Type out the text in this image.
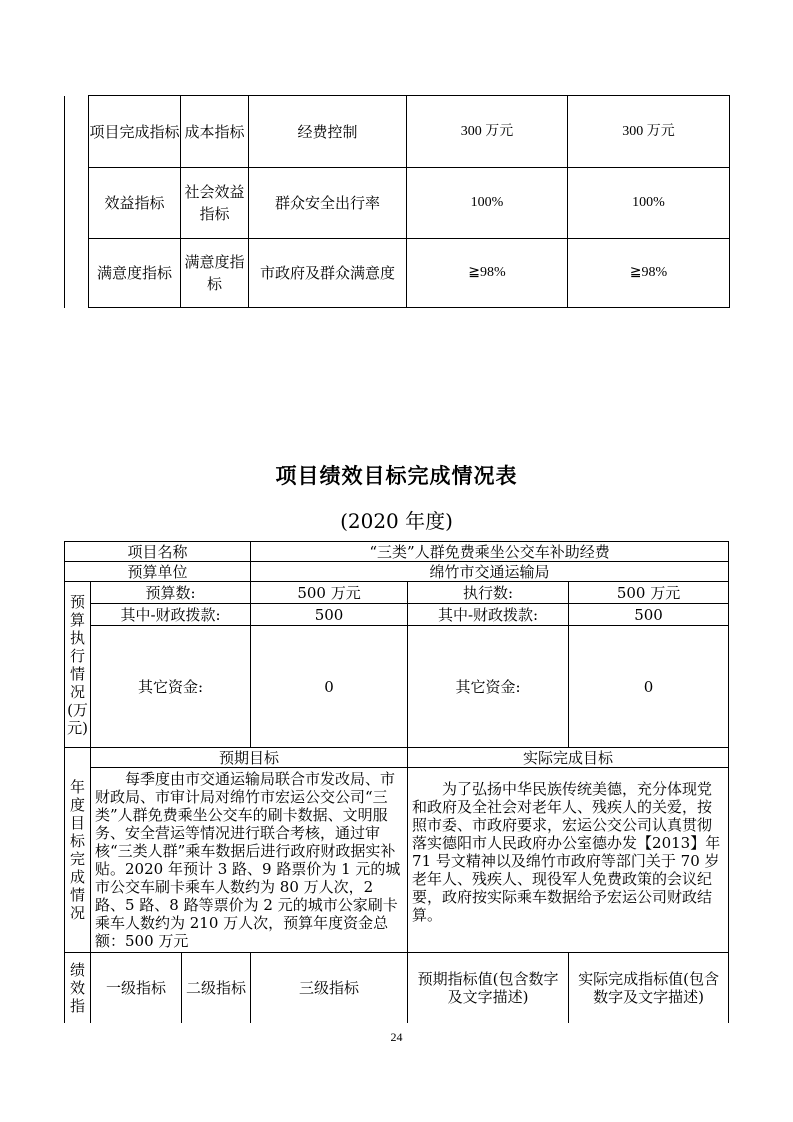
	项目完成指标	成本指标	经费控制	300 万元	300 万元
	效益指标	社会效益指标	群众安全出行率	100%	100%
	满意度指标	满意度指标	市政府及群众满意度	≧98%	≧98%
项目绩效目标完成情况表
(2020 年度)
项目名称			“三类”人群免费乘坐公交车补助经费		
预算单位			绵竹市交通运输局		
预算执行情况(万元)	预算数:		500 万元	执行数:	500 万元
	其中-财政拨款:		500	其中-财政拨款:	500
	其它资金:		0	其它资金:	0
年度目标完成情况	预期目标			实际完成目标	
	每季度由市交通运输局联合市发改局、市财政局、市审计局对绵竹市宏运公交公司“三类”人群免费乘坐公交车的刷卡数据、文明服务、安全营运等情况进行联合考核，通过审核“三类人群”乘车数据后进行政府财政据实补贴。2020 年预计 3 路、9 路票价为 1 元的城市公交车刷卡乘车人数约为 80 万人次，2 路、5 路、8 路等票价为 2 元的城市公家刷卡乘车人数约为 210 万人次，预算年度资金总额：500 万元			为了弘扬中华民族传统美德，充分体现党和政府及全社会对老年人、残疾人的关爱，按照市委、市政府要求，宏运公交公司认真贯彻落实德阳市人民政府办公室德办发【2013】年 71 号文精神以及绵竹市政府等部门关于 70 岁老年人、残疾人、现役军人免费政策的会议纪要，政府按实际乘车数据给予宏运公司财政结算。	
绩效指	一级指标	二级指标	三级指标	预期指标值(包含数字及文字描述)	实际完成指标值(包含数字及文字描述)
24
